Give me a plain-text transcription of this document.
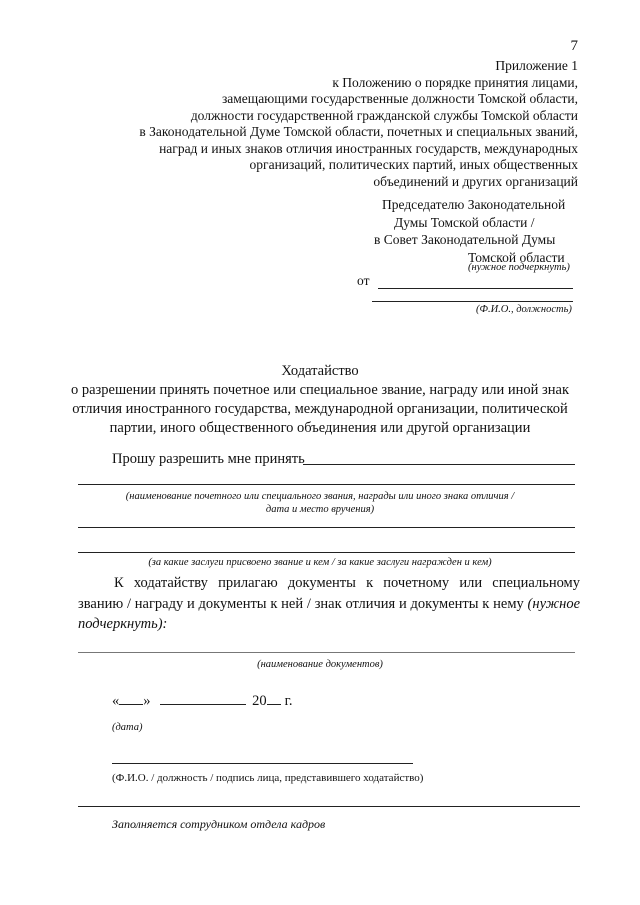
7
Приложение 1
к Положению о порядке принятия лицами,
замещающими государственные должности Томской области,
должности государственной гражданской службы Томской области
в Законодательной Думе Томской области, почетных и специальных званий,
наград и иных знаков отличия иностранных государств, международных
организаций, политических партий, иных общественных
объединений и других организаций
Председателю Законодательной
Думы Томской области /
в Совет Законодательной Думы
Томской области
(нужное подчеркнуть)
от
(Ф.И.О., должность)
Ходатайство
о разрешении принять почетное или специальное звание, награду или иной знак
отличия иностранного государства, международной организации, политической
партии, иного общественного объединения или другой организации
Прошу разрешить мне принять
(наименование почетного или специального звания, награды или иного знака отличия /
дата и место вручения)
(за какие заслуги присвоено звание и кем / за какие заслуги награжден и кем)
К ходатайству прилагаю документы к почетному или специальному званию / награду и документы к ней / знак отличия и документы к нему (нужное подчеркнуть):
(наименование документов)
« »	20 г.
(дата)
(Ф.И.О. / должность / подпись лица, представившего ходатайство)
Заполняется сотрудником отдела кадров
